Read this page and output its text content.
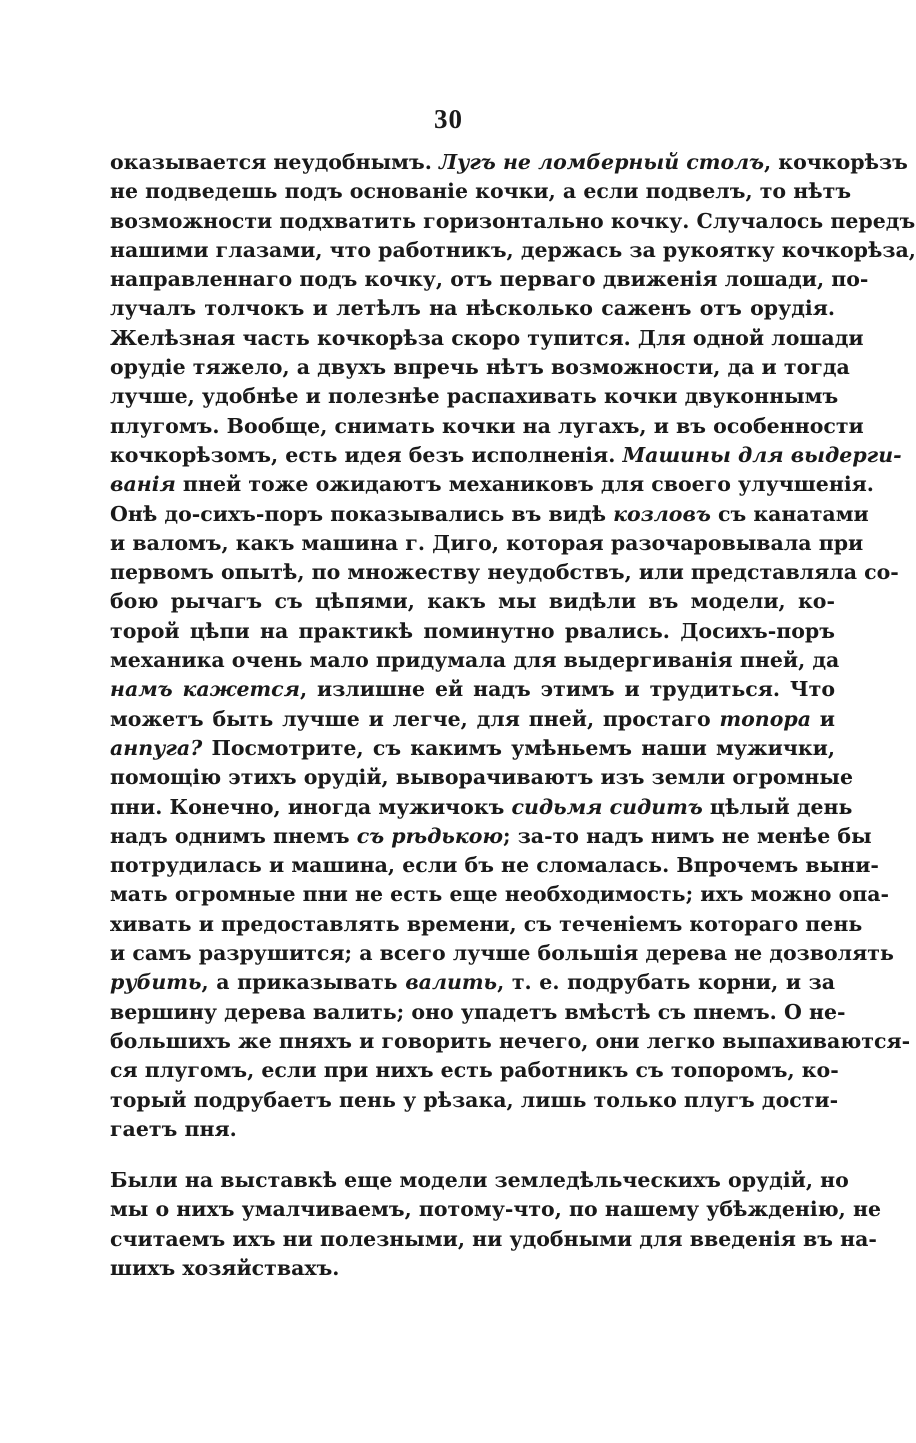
30
оказывается неудобнымъ. Лугъ не ломберный столъ, кочкорѣзъ
не подведешь подъ основаніе кочки, а если подвелъ, то нѣтъ
возможности подхватить горизонтально кочку. Случалось передъ
нашими глазами, что работникъ, держась за рукоятку кочкорѣза,
направленнаго подъ кочку, отъ перваго движенія лошади, по-
лучалъ толчокъ и летѣлъ на нѣсколько саженъ отъ орудія.
Желѣзная часть кочкорѣза скоро тупится. Для одной лошади
орудіе тяжело, а двухъ впречь нѣтъ возможности, да и тогда
лучше, удобнѣе и полезнѣе распахивать кочки двуконнымъ
плугомъ. Вообще, снимать кочки на лугахъ, и въ особенности
кочкорѣзомъ, есть идея безъ исполненія. Машины для выдерги-
ванія пней тоже ожидаютъ механиковъ для своего улучшенія.
Онѣ до-сихъ-поръ показывались въ видѣ козловъ съ канатами
и валомъ, какъ машина г. Диго, которая разочаровывала при
первомъ опытѣ, по множеству неудобствъ, или представляла со-
бою рычагъ съ цѣпями, какъ мы видѣли въ модели, ко-
торой цѣпи на практикѣ поминутно рвались. Досихъ-поръ
механика очень мало придумала для выдергиванія пней, да
намъ кажется, излишне ей надъ этимъ и трудиться. Что
можетъ быть лучше и легче, для пней, простаго топора и
анпуга? Посмотрите, съ какимъ умѣньемъ наши мужички,
помощію этихъ орудій, выворачиваютъ изъ земли огромные
пни. Конечно, иногда мужичокъ сидьмя сидитъ цѣлый день
надъ однимъ пнемъ съ рѣдькою; за-то надъ нимъ не менѣе бы
потрудилась и машина, если бъ не сломалась. Впрочемъ выни-
мать огромные пни не есть еще необходимость; ихъ можно опа-
хивать и предоставлять времени, съ теченіемъ котораго пень
и самъ разрушится; а всего лучше большія дерева не дозволять
рубить, а приказывать валить, т. е. подрубать корни, и за
вершину дерева валить; оно упадетъ вмѣстѣ съ пнемъ. О не-
большихъ же пняхъ и говорить нечего, они легко выпахиваются-
ся плугомъ, если при нихъ есть работникъ съ топоромъ, ко-
торый подрубаетъ пень у рѣзака, лишь только плугъ дости-
гаетъ пня.
Были на выставкѣ еще модели земледѣльческихъ орудій, но
мы о нихъ умалчиваемъ, потому-что, по нашему убѣжденію, не
считаемъ ихъ ни полезными, ни удобными для введенія въ на-
шихъ хозяйствахъ.
